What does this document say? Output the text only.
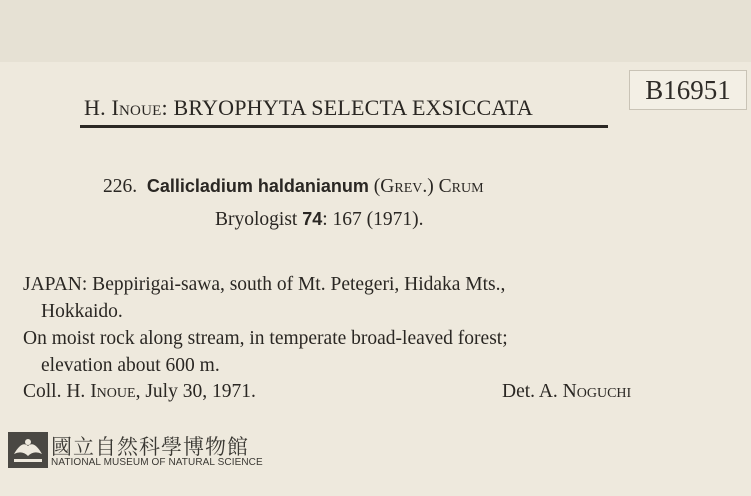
B16951
H. Inoue: BRYOPHYTA SELECTA EXSICCATA
226. Callicladium haldanianum (Grev.) Crum
Bryologist 74: 167 (1971).
JAPAN: Beppirigai-sawa, south of Mt. Petegeri, Hidaka Mts.,
Hokkaido.
On moist rock along stream, in temperate broad-leaved forest;
elevation about 600 m.
Coll. H. Inoue, July 30, 1971.	Det. A. Noguchi
國立自然科學博物館
NATIONAL MUSEUM OF NATURAL SCIENCE
